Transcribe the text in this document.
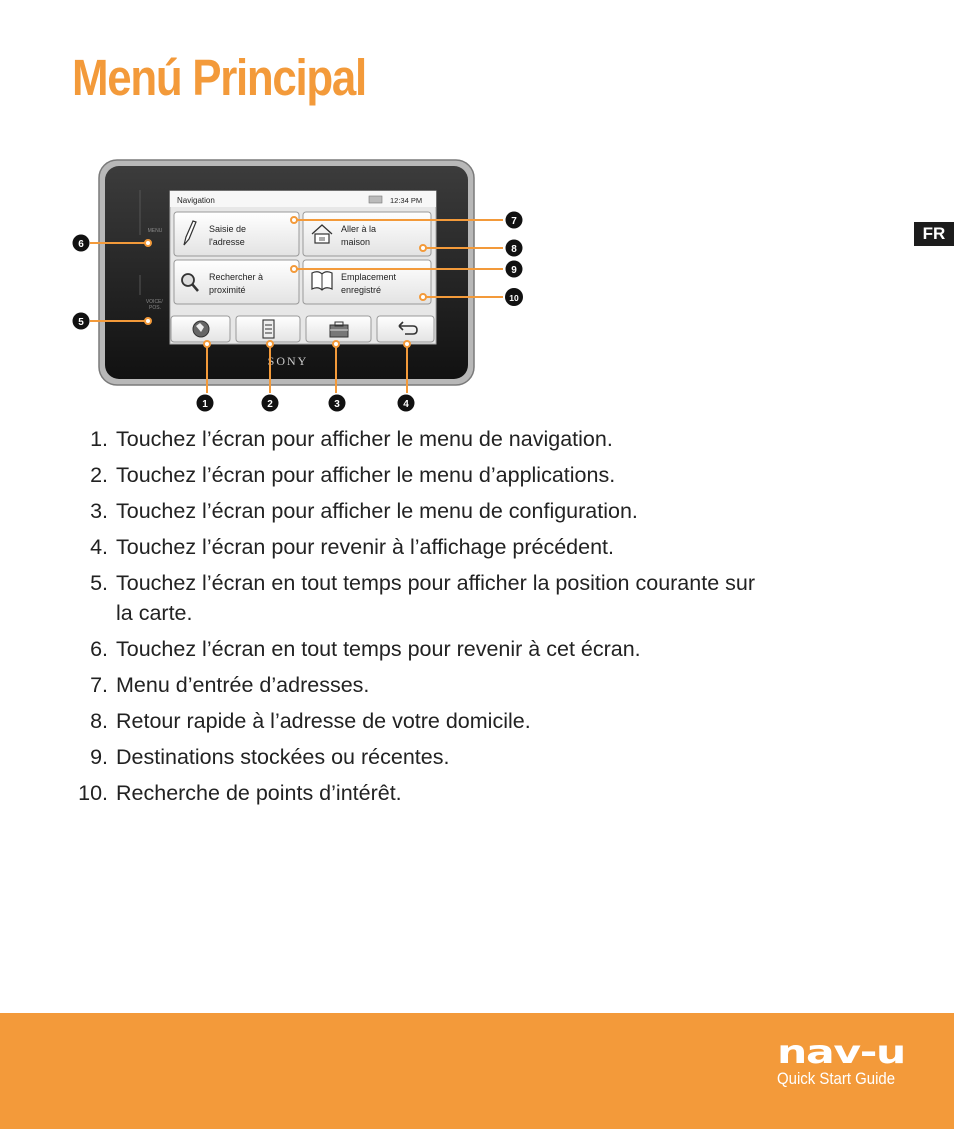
Menú Principal
FR
MENU
VOICE/ POS.
Navigation	12:34 PM
Saisie de l'adresse
Aller à la maison
Rechercher à proximité
Emplacement enregistré
SONY
1	2	3	4
5
6
7
8
9
10
1. Touchez l’écran pour afficher le menu de navigation.
2. Touchez l’écran pour afficher le menu d’applications.
3. Touchez l’écran pour afficher le menu de configuration.
4. Touchez l’écran pour revenir à l’affichage précédent.
5. Touchez l’écran en tout temps pour afficher la position courante sur la carte.
6. Touchez l’écran en tout temps pour revenir à cet écran.
7. Menu d’entrée d’adresses.
8. Retour rapide à l’adresse de votre domicile.
9. Destinations stockées ou récentes.
10. Recherche de points d’intérêt.
nav-u
Quick Start Guide
